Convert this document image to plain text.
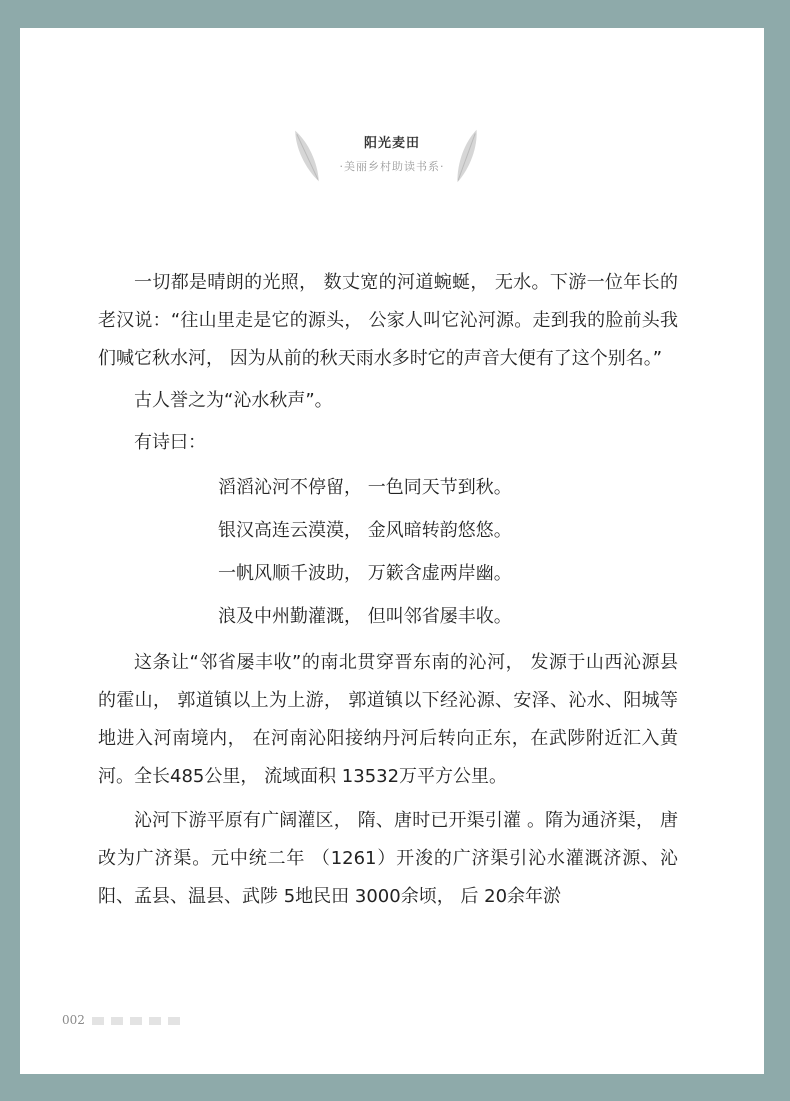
阳光麦田
·美丽乡村助读书系·

一切都是晴朗的光照， 数丈宽的河道蜿蜒， 无水。下游一位年长的老汉说：“往山里走是它的源头， 公家人叫它沁河源。走到我的脸前头我们喊它秋水河， 因为从前的秋天雨水多时它的声音大便有了这个别名。”

古人誉之为“沁水秋声”。

有诗曰：

滔滔沁河不停留， 一色同天节到秋。
银汉高连云漠漠， 金风暗转韵悠悠。
一帆风顺千波助， 万簌含虚两岸幽。
浪及中州勤灌溉， 但叫邻省屡丰收。

这条让“邻省屡丰收”的南北贯穿晋东南的沁河， 发源于山西沁源县的霍山， 郭道镇以上为上游， 郭道镇以下经沁源、安泽、沁水、阳城等地进入河南境内， 在河南沁阳接纳丹河后转向正东，在武陟附近汇入黄河。全长485公里， 流域面积 13532万平方公里。

沁河下游平原有广阔灌区， 隋、唐时已开渠引灌 。隋为通济渠， 唐改为广济渠。元中统二年 （1261）开浚的广济渠引沁水灌溉济源、沁阳、孟县、温县、武陟 5地民田 3000余顷， 后 20余年淤

002
